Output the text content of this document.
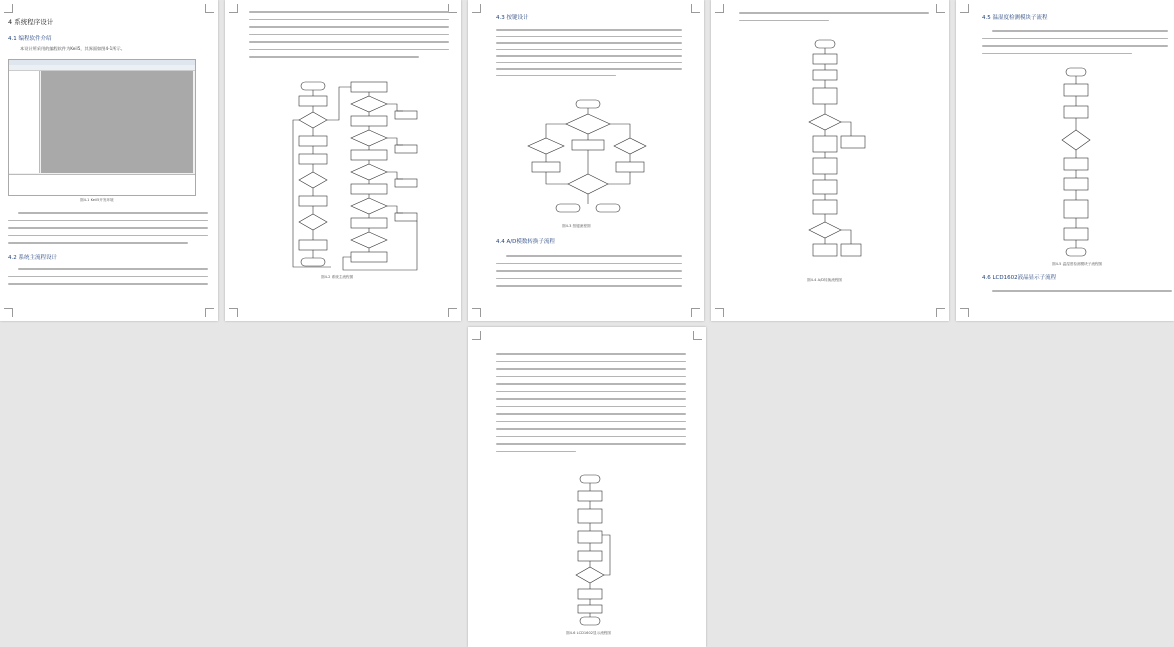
4 系统程序设计
4.1 编程软件介绍
本设计所采用的编程软件为Keil5，其界面如图4-1所示。
图4-1 Keil5开发环境
4.2 系统主流程设计
图4-2 系统主流程图
4.3 按键设计
图4-3 按键流程图
4.4 A/D模数转换子流程
图4-4 A/D转换流程图
4.5 温湿度检测模块子流程
图4-5 温湿度检测模块子流程图
4.6 LCD1602液晶显示子流程
图4-6 LCD1602显示流程图
